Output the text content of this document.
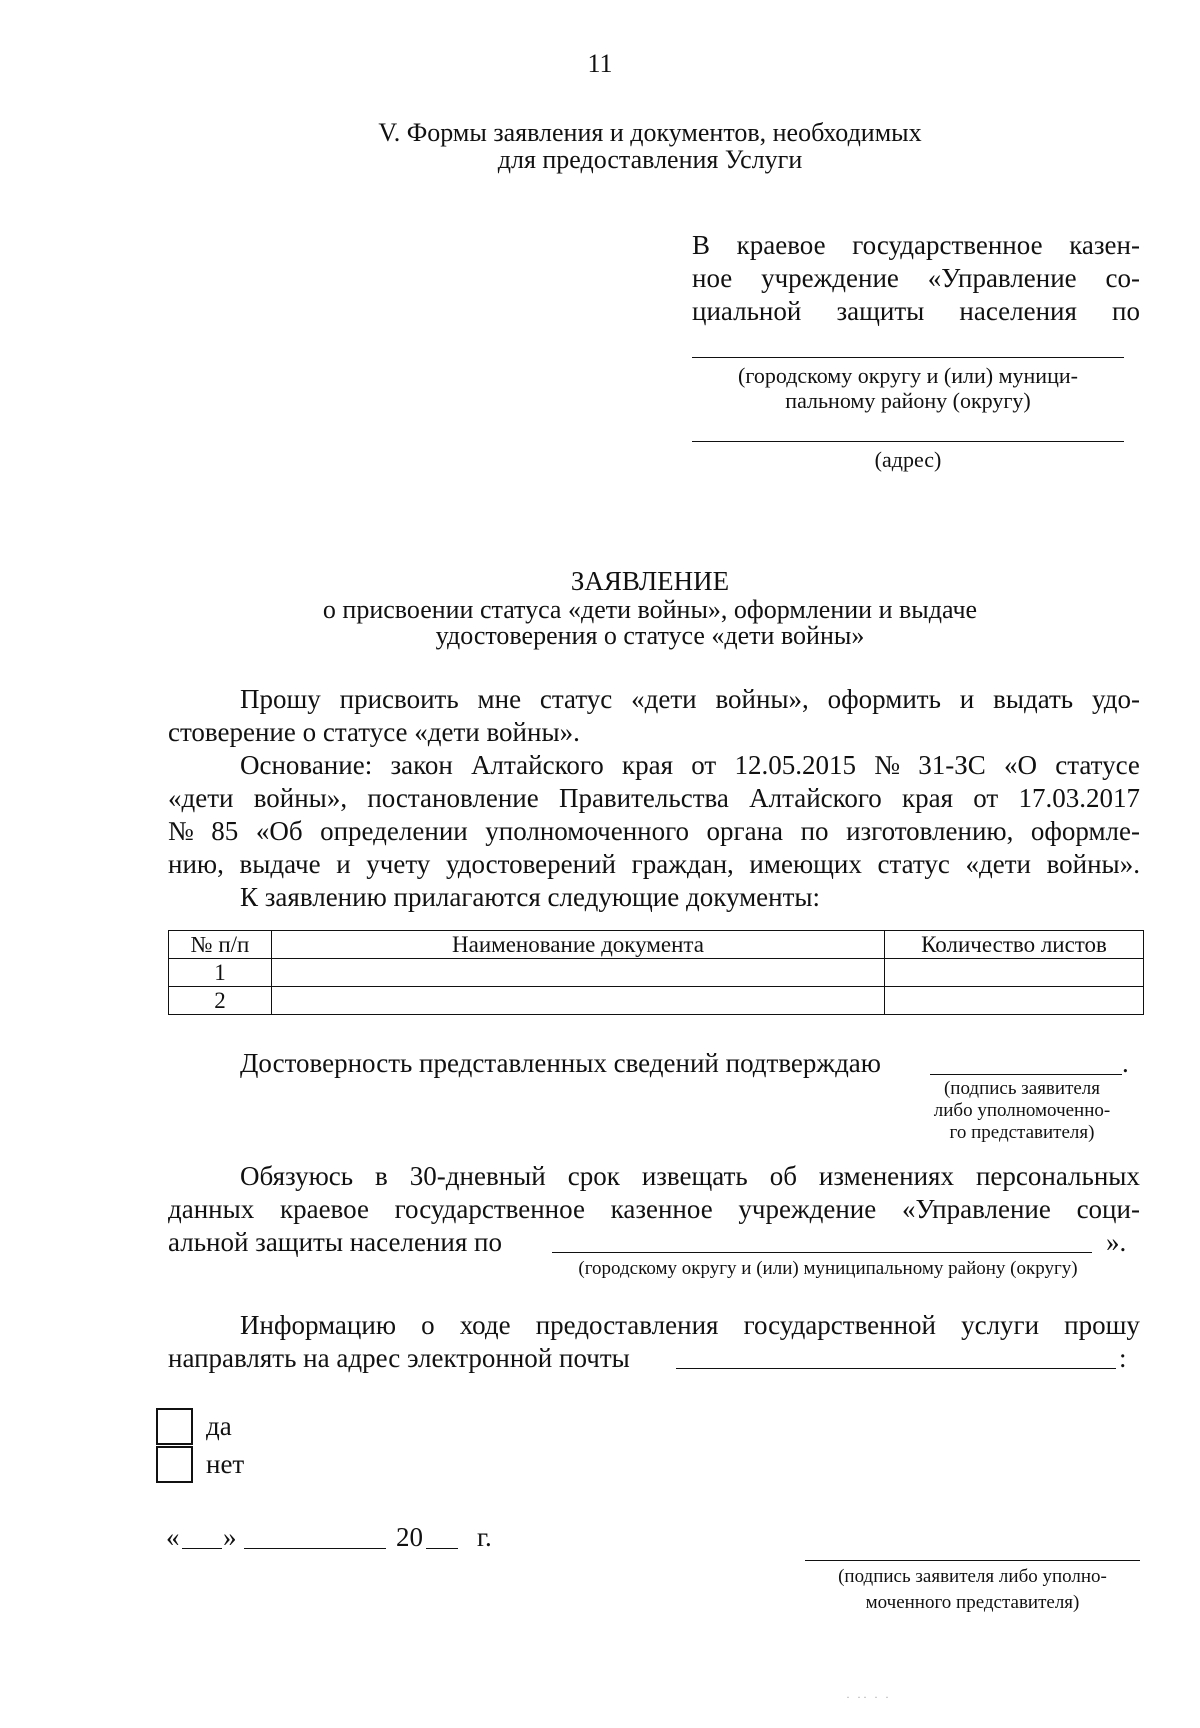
11
V. Формы заявления и документов, необходимых
для предоставления Услуги
В краевое государственное казен-
ное учреждение «Управление со-
циальной защиты населения по
(городскому округу и (или) муници-
пальному району (округу)
(адрес)
ЗАЯВЛЕНИЕ
о присвоении статуса «дети войны», оформлении и выдаче
удостоверения о статусе «дети войны»
Прошу присвоить мне статус «дети войны», оформить и выдать удо-
стоверение о статусе «дети войны».
Основание: закон Алтайского края от 12.05.2015 № 31-ЗС «О статусе
«дети войны», постановление Правительства Алтайского края от 17.03.2017
№ 85 «Об определении уполномоченного органа по изготовлению, оформле-
нию, выдаче и учету удостоверений граждан, имеющих статус «дети войны».
К заявлению прилагаются следующие документы:
№ п/п	Наименование документа	Количество листов
1		
2		
Достоверность представленных сведений подтверждаю	.
(подпись заявителя
либо уполномоченно-
го представителя)
Обязуюсь в 30-дневный срок извещать об изменениях персональных
данных краевое государственное казенное учреждение «Управление соци-
альной защиты населения по	».
(городскому округу и (или) муниципальному району (округу)
Информацию о ходе предоставления государственной услуги прошу
направлять на адрес электронной почты	:
да
нет
« »	20 г.
(подпись заявителя либо уполно-
моченного представителя)
· ·· · ·
